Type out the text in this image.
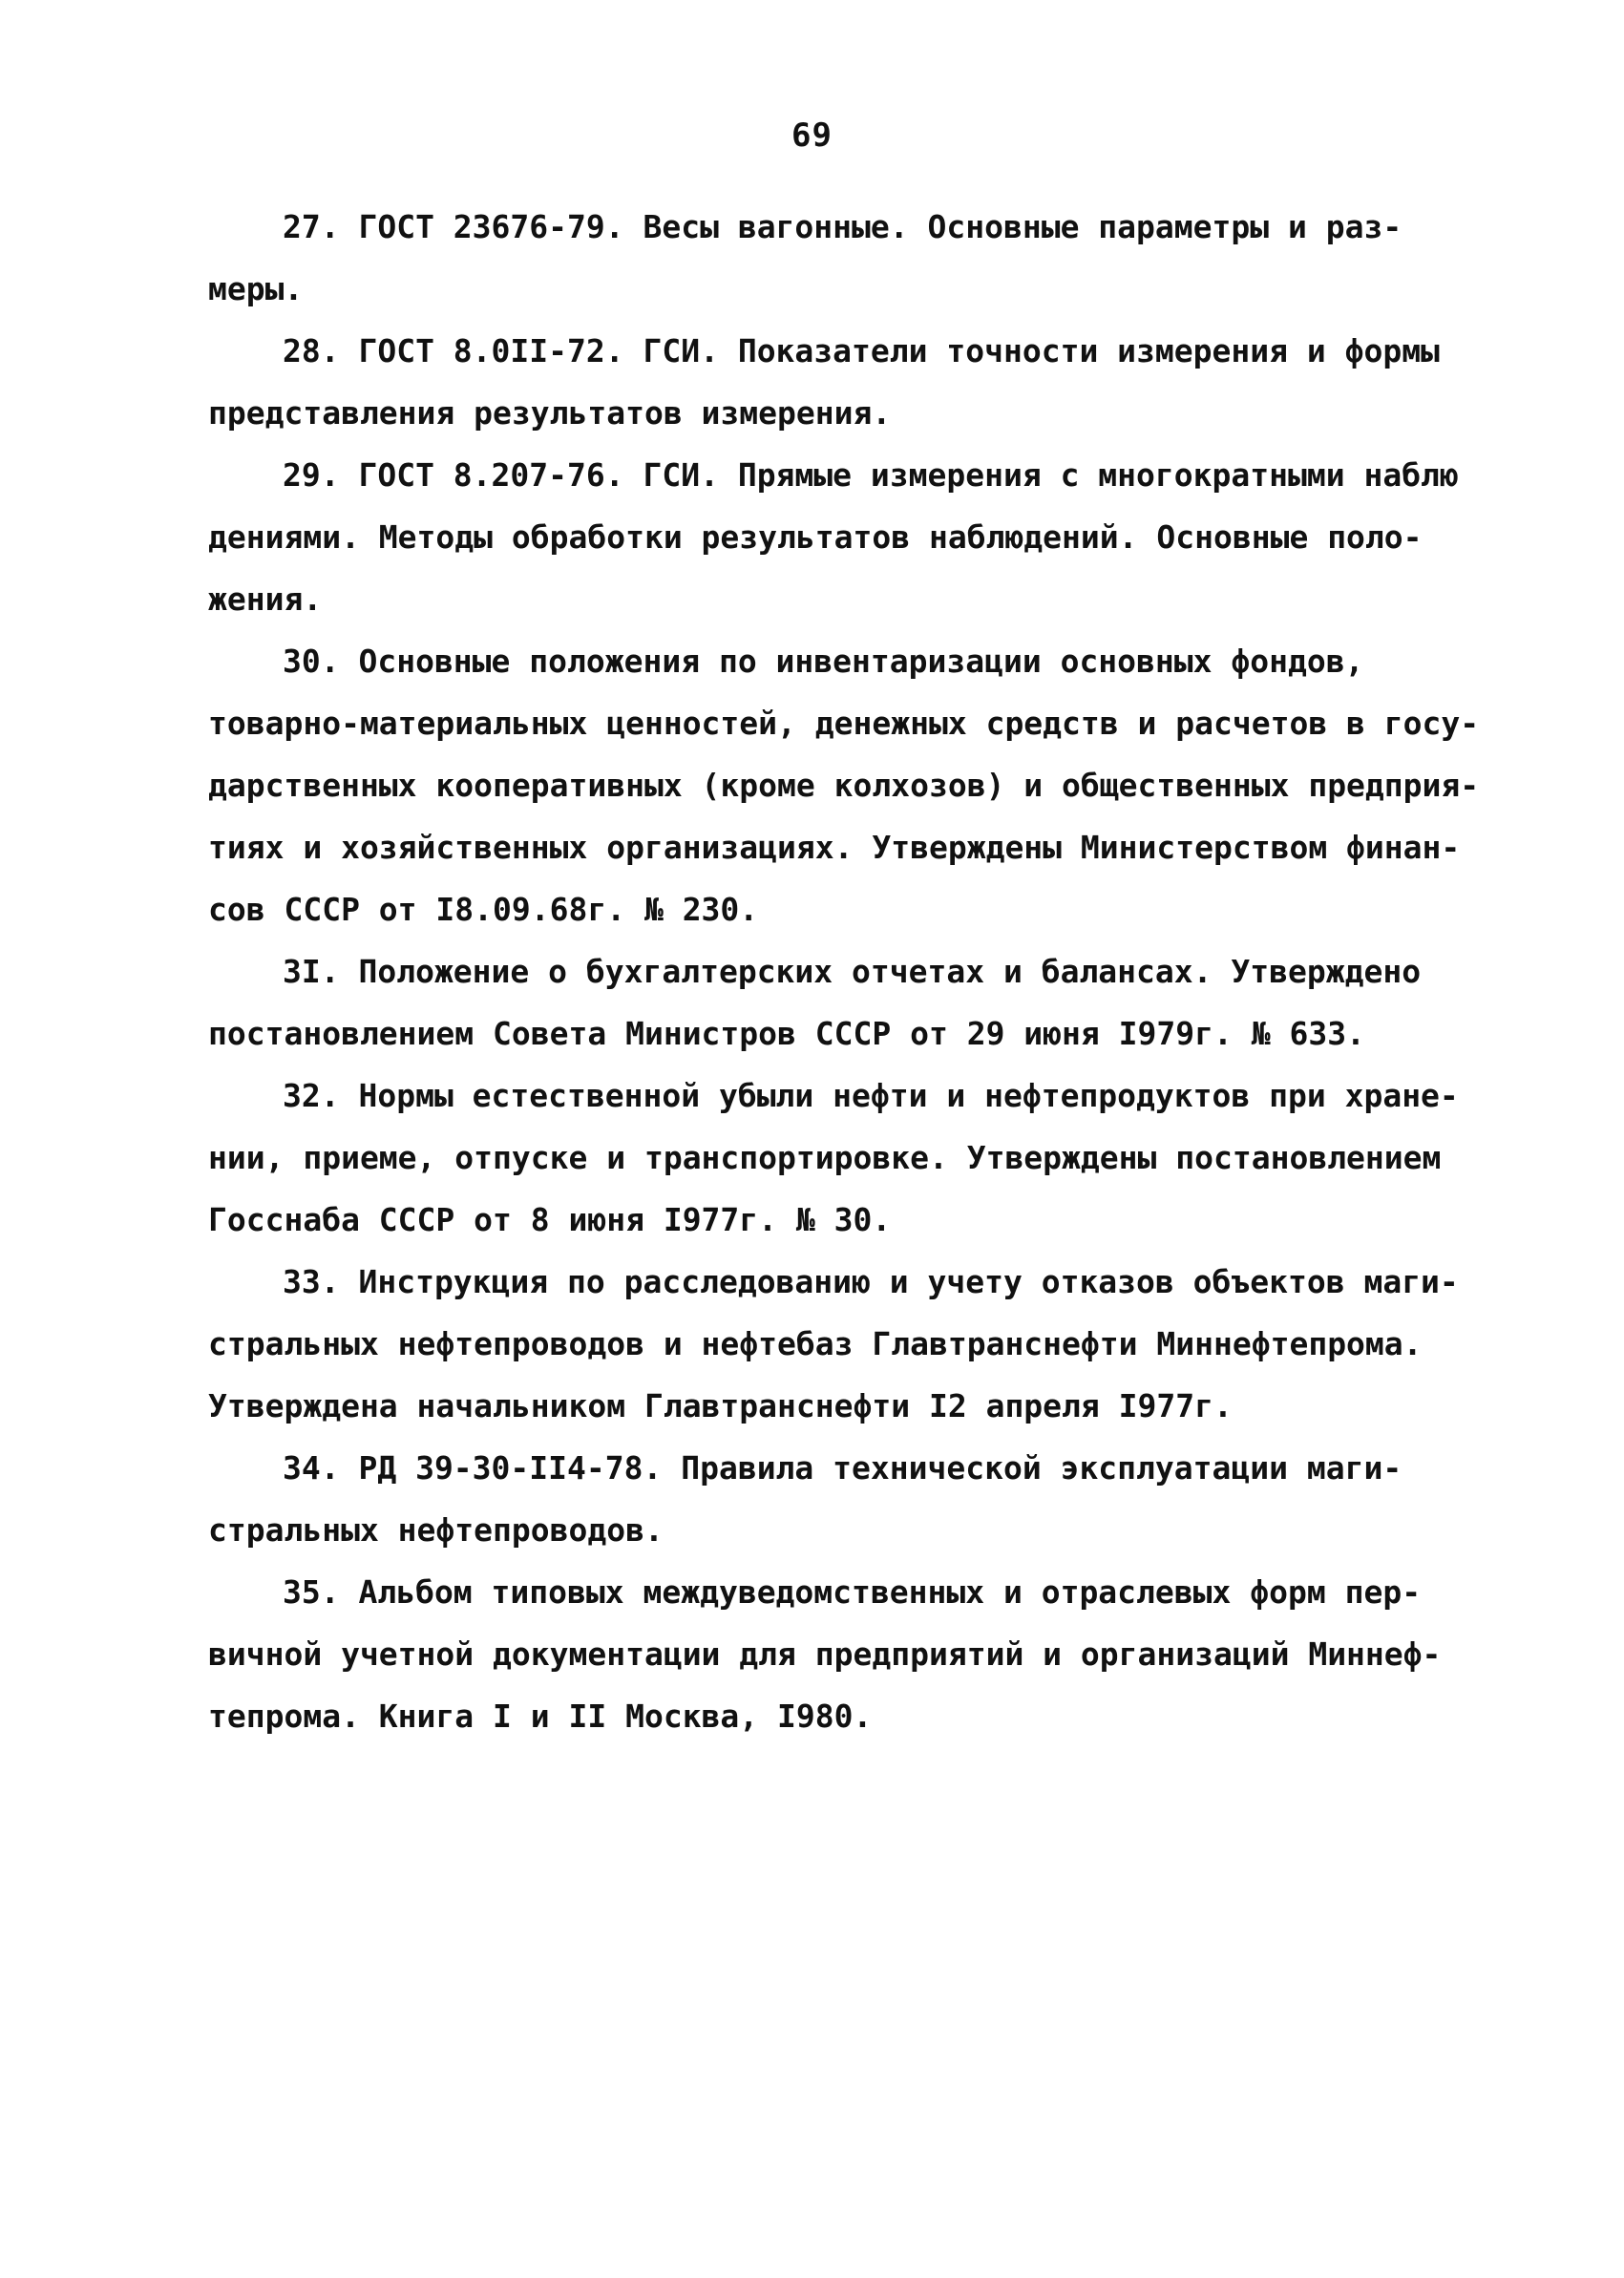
69
27. ГОСТ 23676-79. Весы вагонные. Основные параметры и раз-
меры.
28. ГОСТ 8.0II-72. ГСИ. Показатели точности измерения и формы
представления результатов измерения.
29. ГОСТ 8.207-76. ГСИ. Прямые измерения с многократными наблю
дениями. Методы обработки результатов наблюдений. Основные поло-
жения.
30. Основные положения по инвентаризации основных фондов,
товарно-материальных ценностей, денежных средств и расчетов в госу-
дарственных кооперативных (кроме колхозов) и общественных предприя-
тиях и хозяйственных организациях. Утверждены Министерством финан-
сов СССР от I8.09.68г. № 230.
3I. Положение о бухгалтерских отчетах и балансах. Утверждено
постановлением Совета Министров СССР от 29 июня I979г. № 633.
32. Нормы естественной убыли нефти и нефтепродуктов при хране-
нии, приеме, отпуске и транспортировке. Утверждены постановлением
Госснаба СССР от 8 июня I977г. № 30.
33. Инструкция по расследованию и учету отказов объектов маги-
стральных нефтепроводов и нефтебаз Главтранснефти Миннефтепрома.
Утверждена начальником Главтранснефти I2 апреля I977г.
34. РД 39-30-II4-78. Правила технической эксплуатации маги-
стральных нефтепроводов.
35. Альбом типовых междуведомственных и отраслевых форм пер-
вичной учетной документации для предприятий и организаций Миннеф-
тепрома. Книга I и II Москва, I980.
